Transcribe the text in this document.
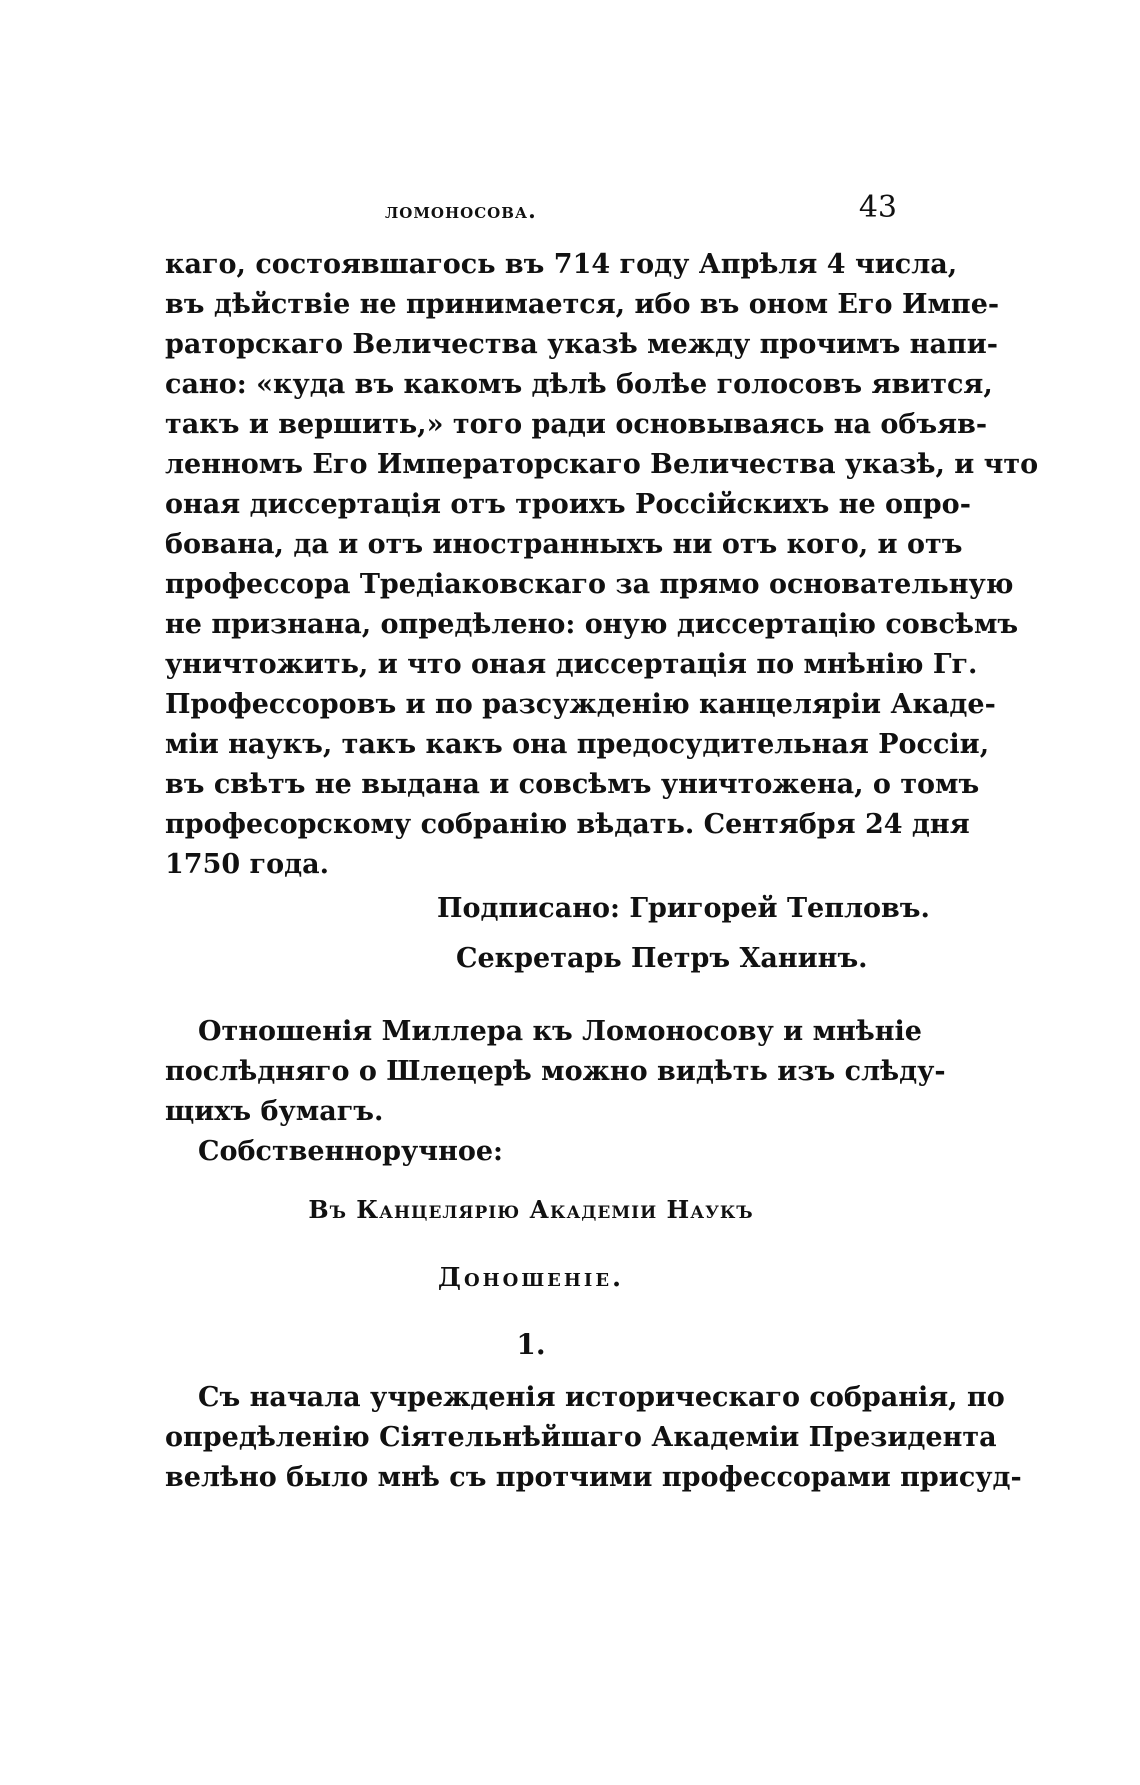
ломоносова.	43
каго, состоявшагось въ 714 году Апрѣля 4 числа,
въ дѣйствіе не принимается, ибо въ оном Его Импе-
раторскаго Величества указѣ между прочимъ напи-
сано: «куда въ какомъ дѣлѣ болѣе голосовъ явится,
такъ и вершить,» того ради основываясь на объяв-
ленномъ Его Императорскаго Величества указѣ, и что
оная диссертація отъ троихъ Россійскихъ не опро-
бована, да и отъ иностранныхъ ни отъ кого, и отъ
профессора Тредіаковскаго за прямо основательную
не признана, опредѣлено: оную диссертацію совсѣмъ
уничтожить, и что оная диссертація по мнѣнію Гг.
Профессоровъ и по разсужденію канцеляріи Акаде-
міи наукъ, такъ какъ она предосудительная Россіи,
въ свѣтъ не выдана и совсѣмъ уничтожена, о томъ
професорскому собранію вѣдать. Сентября 24 дня
1750 года.
Подписано: Григорей Тепловъ.
Секретарь Петръ Ханинъ.
Отношенія Миллера къ Ломоносову и мнѣніе
послѣдняго о Шлецерѣ можно видѣть изъ слѣду-
щихъ бумагъ.
Собственноручное:
Въ Канцелярію Академіи Наукъ
Доношеніе.
1.
Съ начала учрежденія историческаго собранія, по
опредѣленію Сіятельнѣйшаго Академіи Президента
велѣно было мнѣ съ протчими профессорами присуд-
